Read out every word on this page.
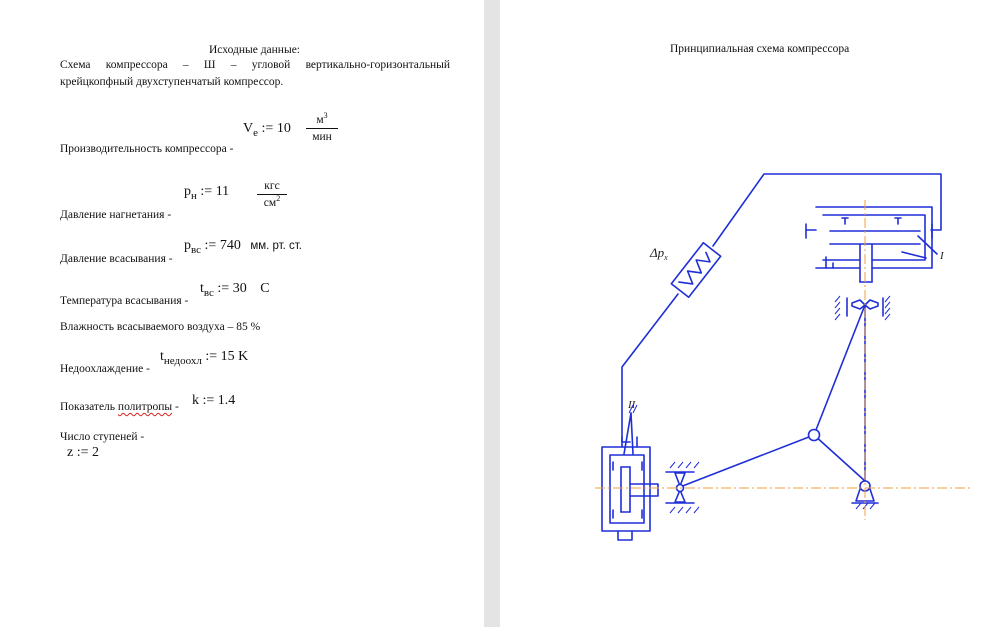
Исходные данные:
Схема компрессора – Ш – угловой вертикально-горизонтальный
крейцкопфный двухступенчатый компрессор.
Производительность компрессора -
$V_e$ := 10
$м^3$
мин
Давление нагнетания -
$p_н$ := 11	кгс
$см^2$
Давление всасывания -
$p_{вс}$ := 740 мм. рт. ст.
Температура всасывания -
$t_{вс}$ := 30 C
Влажность всасываемого воздуха – 85 %
Недоохлаждение -
$t_{недоохл}$ := 15 K
Показатель политропы - k := 1.4
Число ступеней -
z := 2
Принципиальная схема компрессора
$\Delta p_x$	I
II
